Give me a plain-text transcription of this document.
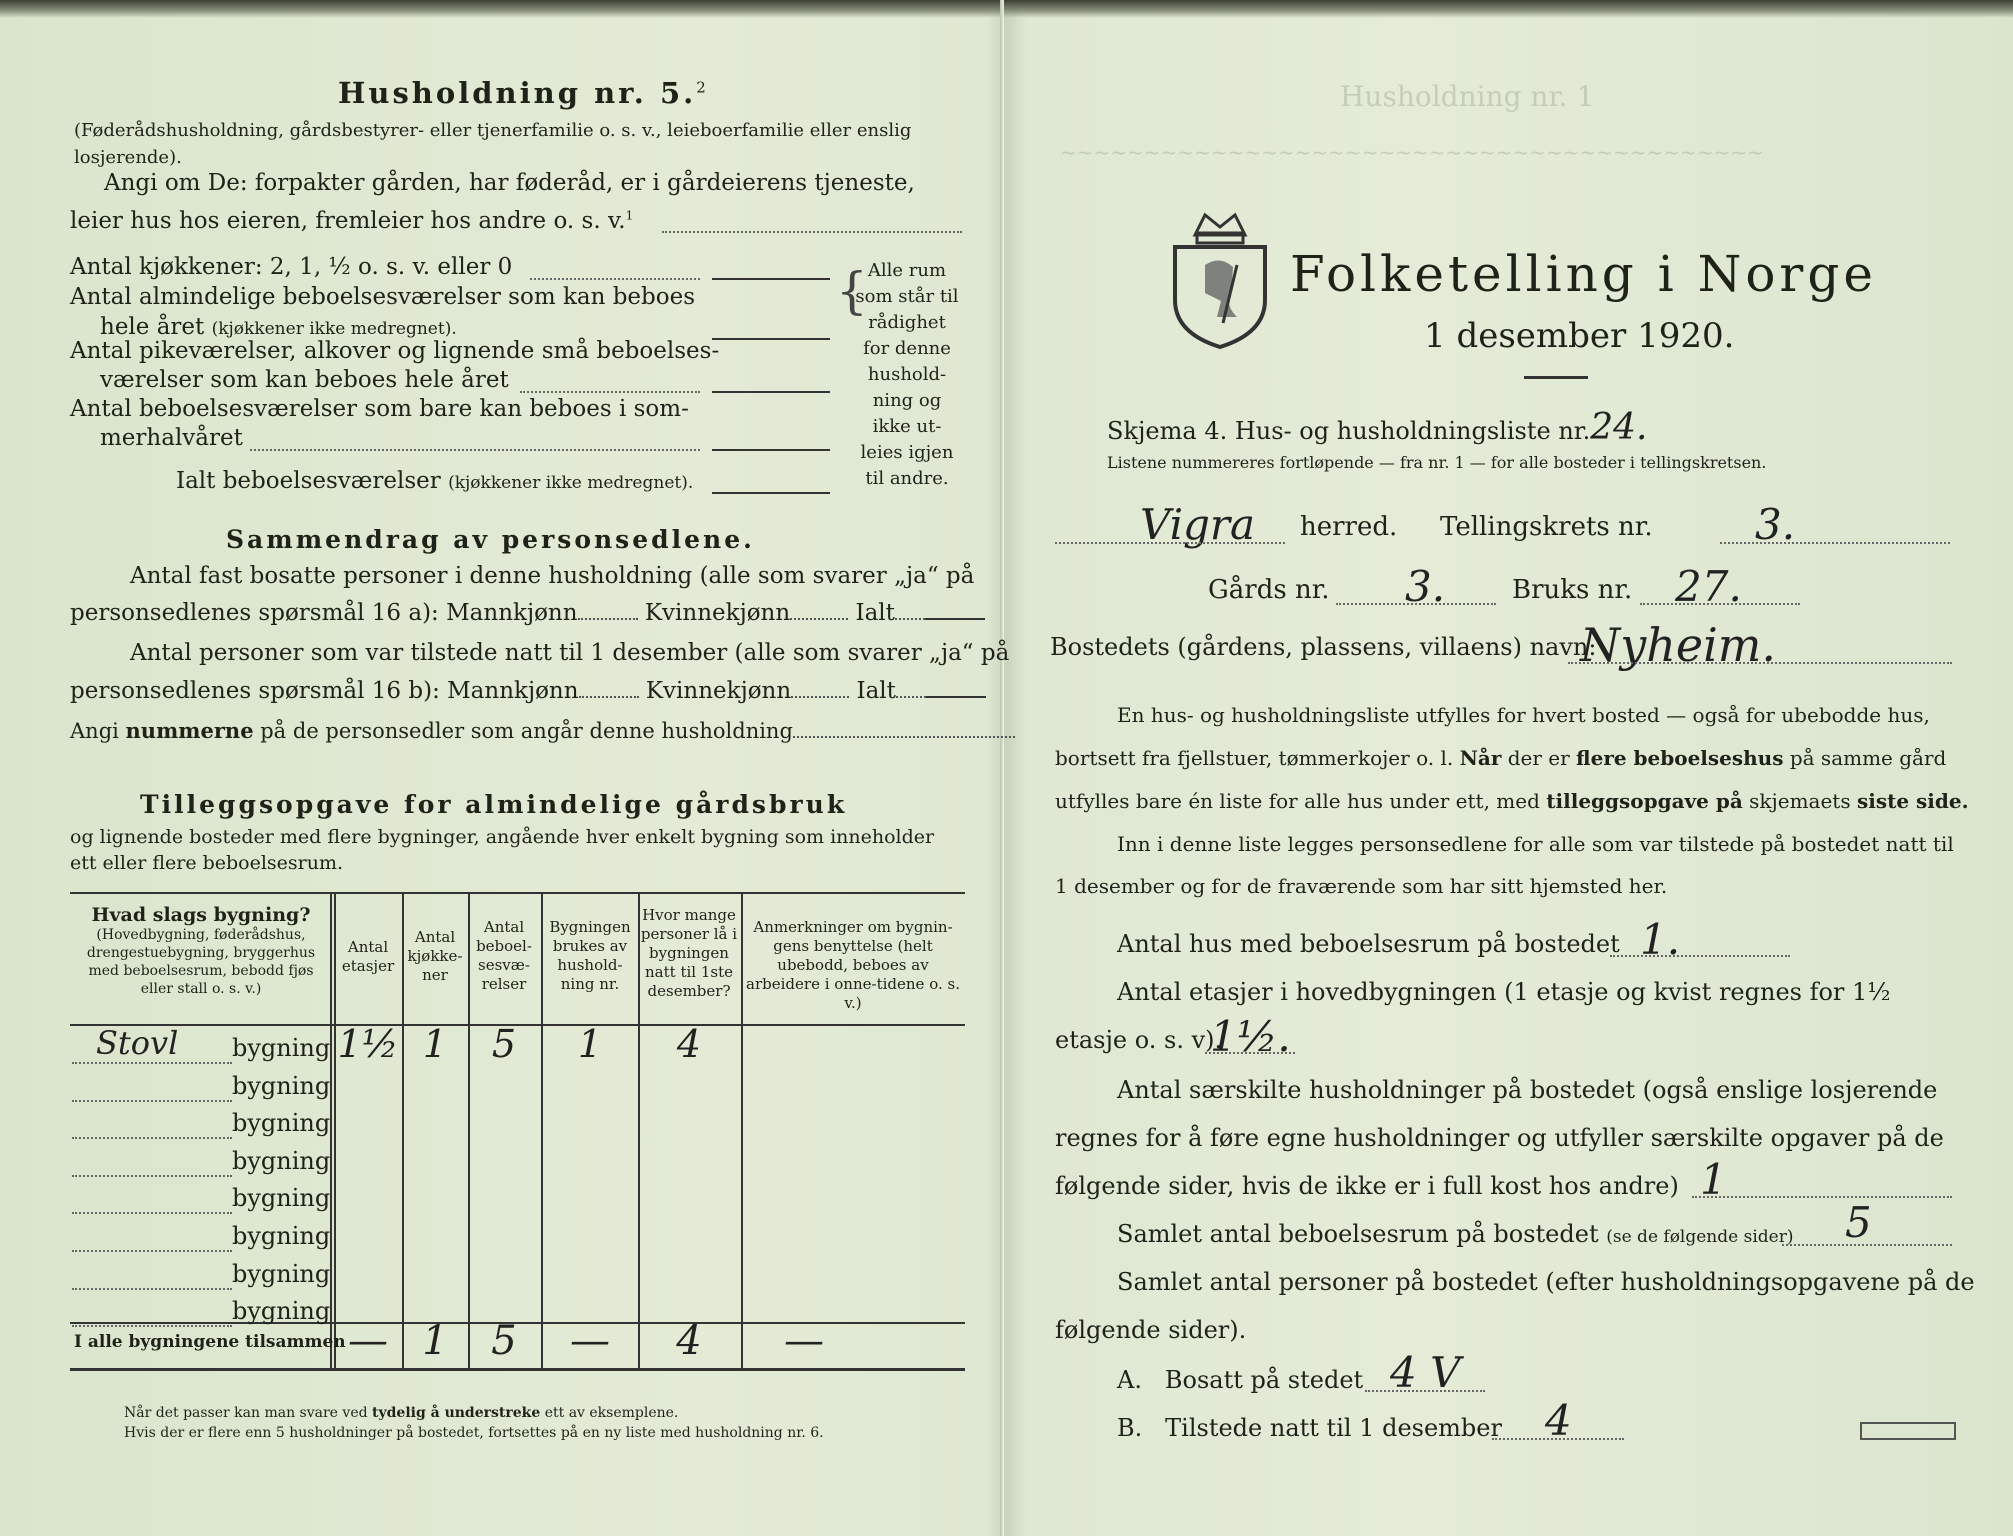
Husholdning nr. 1
~~~~~~~~~~~~~~~~~~~~~~~~~~~~~~~~~~~~~~~~~~
Husholdning nr. 5.$^2$
(Føderådshusholdning, gårdsbestyrer- eller tjenerfamilie o. s. v., leieboerfamilie eller enslig losjerende).
Angi om De: forpakter gården, har føderåd, er i gårdeierens tjeneste,
leier hus hos eieren, fremleier hos andre o. s. v.$^1$
Antal kjøkkener: 2, 1, ½ o. s. v. eller 0
Antal almindelige beboelsesværelser som kan beboes
hele året (kjøkkener ikke medregnet).
Antal pikeværelser, alkover og lignende små beboelses-
værelser som kan beboes hele året
Antal beboelsesværelser som bare kan beboes i som-
merhalvåret
Ialt beboelsesværelser (kjøkkener ikke medregnet).
{ Alle rum
som står til
rådighet
for denne
hushold-
ning og
ikke ut-
leies igjen
til andre.
Sammendrag av personsedlene.
Antal fast bosatte personer i denne husholdning (alle som svarer „ja“ på
personsedlenes spørsmål 16 a): Mannkjønn	Kvinnekjønn	Ialt
Antal personer som var tilstede natt til 1 desember (alle som svarer „ja“ på
personsedlenes spørsmål 16 b): Mannkjønn	Kvinnekjønn	Ialt
Angi nummerne på de personsedler som angår denne husholdning
Tilleggsopgave for almindelige gårdsbruk
og lignende bosteder med flere bygninger, angående hver enkelt bygning som inneholder
ett eller flere beboelsesrum.
Hvad slags bygning?
(Hovedbygning, føderådshus, drengestuebygning, bryggerhus med beboelsesrum, bebodd fjøs eller stall o. s. v.)
Antal etasjer
Antal kjøkke-ner
Antal beboel-sesvæ-relser
Bygningen brukes av hushold-ning nr.
Hvor mange personer lå i bygningen natt til 1ste desember?
Anmerkninger om bygnin-gens benyttelse (helt ubebodd, beboes av arbeidere i onne-tidene o. s. v.)
Stovl bygning 1½ 1	5	1	4
bygning
bygning
bygning
bygning
bygning
bygning
bygning
I alle bygningene tilsammen — 1	5	—	4	—
Når det passer kan man svare ved tydelig å understreke ett av eksemplene.
Hvis der er flere enn 5 husholdninger på bostedet, fortsettes på en ny liste med husholdning nr. 6.
Folketelling i Norge
1 desember 1920.
Skjema 4. Hus- og husholdningsliste nr.24.
Listene nummereres fortløpende — fra nr. 1 — for alle bosteder i tellingskretsen.
Vigra herred. Tellingskrets nr. 3.
Gårds nr. 3.	Bruks nr. 27.
Bostedets (gårdens, plassens, villaens) navn:
Nyheim.
En hus- og husholdningsliste utfylles for hvert bosted — også for ubebodde hus,
bortsett fra fjellstuer, tømmerkojer o. l. Når der er flere beboelseshus på samme gård
utfylles bare én liste for alle hus under ett, med tilleggsopgave på skjemaets siste side.
Inn i denne liste legges personsedlene for alle som var tilstede på bostedet natt til
1 desember og for de fraværende som har sitt hjemsted her.
Antal hus med beboelsesrum på bostedet 1.
Antal etasjer i hovedbygningen (1 etasje og kvist regnes for 1½
etasje o. s. v).
1½.
Antal særskilte husholdninger på bostedet (også enslige losjerende
regnes for å føre egne husholdninger og utfyller særskilte opgaver på de
følgende sider, hvis de ikke er i full kost hos andre) 1
Samlet antal beboelsesrum på bostedet (se de følgende sider) 5
Samlet antal personer på bostedet (efter husholdningsopgavene på de
følgende sider).
A. Bosatt på stedet 4 V
B. Tilstede natt til 1 desember 4
